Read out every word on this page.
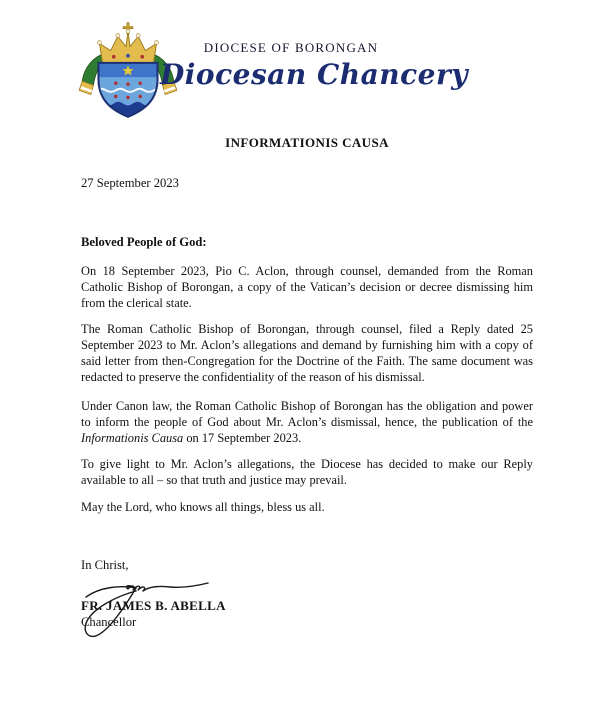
DIOCESE OF BORONGAN
Diocesan Chancery
INFORMATIONIS CAUSA
27 September 2023
Beloved People of God:

On 18 September 2023, Pio C. Aclon, through counsel, demanded from the Roman Catholic Bishop of Borongan, a copy of the Vatican’s decision or decree dismissing him from the clerical state.

The Roman Catholic Bishop of Borongan, through counsel, filed a Reply dated 25 September 2023 to Mr. Aclon’s allegations and demand by furnishing him with a copy of said letter from then-Congregation for the Doctrine of the Faith. The same document was redacted to preserve the confidentiality of the reason of his dismissal.

Under Canon law, the Roman Catholic Bishop of Borongan has the obligation and power to inform the people of God about Mr. Aclon’s dismissal, hence, the publication of the Informationis Causa on 17 September 2023.

To give light to Mr. Aclon’s allegations, the Diocese has decided to make our Reply available to all – so that truth and justice may prevail.

May the Lord, who knows all things, bless us all.

In Christ,
FR. JAMES B. ABELLA
Chancellor
